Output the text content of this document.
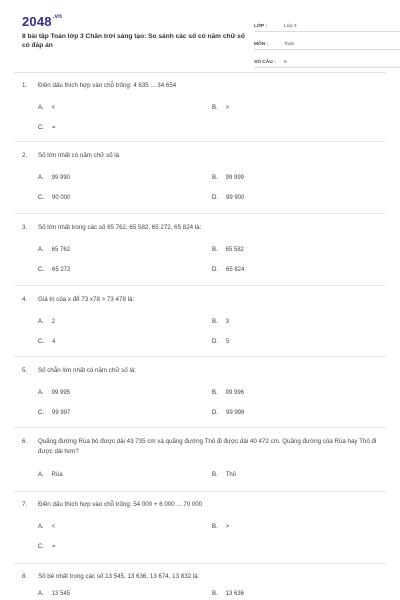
$2048^{.vn}$
8 bài tập Toán lớp 3 Chân trời sáng tạo: So sánh các số có năm chữ số có đáp án
LỚP :	Lớp 3
MÔN :	Toán
SỐ CÂU : 8
1. Điền dấu thích hợp vào chỗ trống: 4 635 ... 34 654
A. <	B. >
C. =
2. Số lớn nhất có năm chữ số là
A. 99 990	B. 99 999
C. 90 000	D. 99 900
3. Số lớn nhất trong các số 65 762, 65 582, 65 272, 65 824 là:
A. 65 762	B. 65 582
C. 65 272	D. 65 824
4. Giá trị của x để 73 x78 > 73 478 là:
A. 2	B. 3
C. 4	D. 5
5. Số chẵn lớn nhất có năm chữ số là:
A. 99 995	B. 99 996
C. 99 997	D. 99 998
6. Quãng đường Rùa bò được dài 43 735 cm và quãng đường Thỏ đi được dài 40 472 cm. Quãng đường của Rùa hay Thỏ đi được dài hơn?
A. Rùa	B. Thỏ
7. Điền dấu thích hợp vào chỗ trống: 54 000 + 6 000 ... 70 000
A. <	B. >
C. =
8. Số bé nhất trong các số 13 545, 13 636, 13 674, 13 832 là:
A. 13 545	B. 13 636
